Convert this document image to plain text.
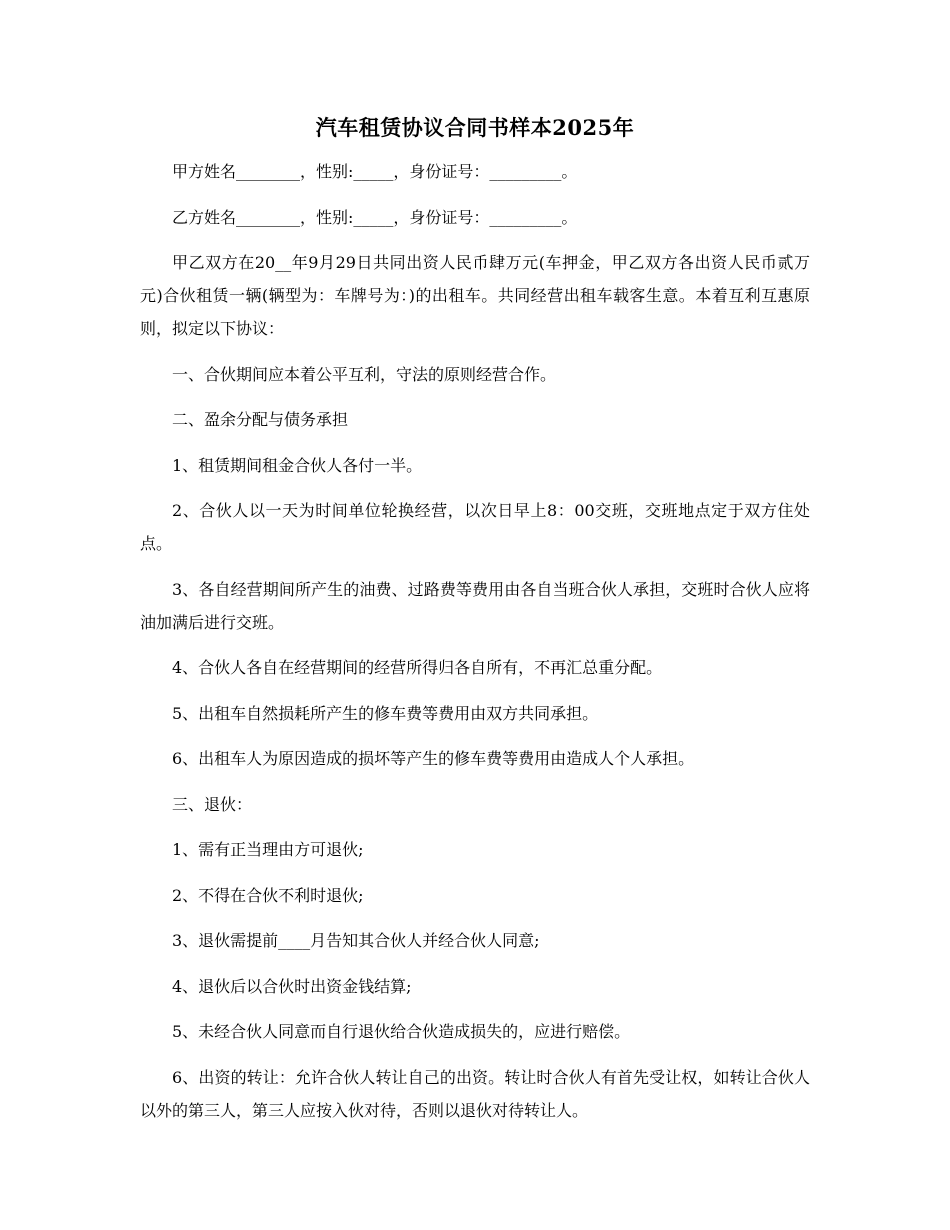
汽车租赁协议合同书样本2025年

甲方姓名________，性别:_____，身份证号：_________。

乙方姓名________，性别:_____，身份证号：_________。

甲乙双方在20__年9月29日共同出资人民币肆万元(车押金，甲乙双方各出资人民币贰万元)合伙租赁一辆(辆型为：车牌号为：)的出租车。共同经营出租车载客生意。本着互利互惠原则，拟定以下协议：

一、合伙期间应本着公平互利，守法的原则经营合作。

二、盈余分配与债务承担

1、租赁期间租金合伙人各付一半。

2、合伙人以一天为时间单位轮换经营，以次日早上8：00交班，交班地点定于双方住处点。

3、各自经营期间所产生的油费、过路费等费用由各自当班合伙人承担，交班时合伙人应将油加满后进行交班。

4、合伙人各自在经营期间的经营所得归各自所有，不再汇总重分配。

5、出租车自然损耗所产生的修车费等费用由双方共同承担。

6、出租车人为原因造成的损坏等产生的修车费等费用由造成人个人承担。

三、退伙：

1、需有正当理由方可退伙;

2、不得在合伙不利时退伙;

3、退伙需提前____月告知其合伙人并经合伙人同意;

4、退伙后以合伙时出资金钱结算;

5、未经合伙人同意而自行退伙给合伙造成损失的，应进行赔偿。

6、出资的转让：允许合伙人转让自己的出资。转让时合伙人有首先受让权，如转让合伙人以外的第三人，第三人应按入伙对待，否则以退伙对待转让人。
